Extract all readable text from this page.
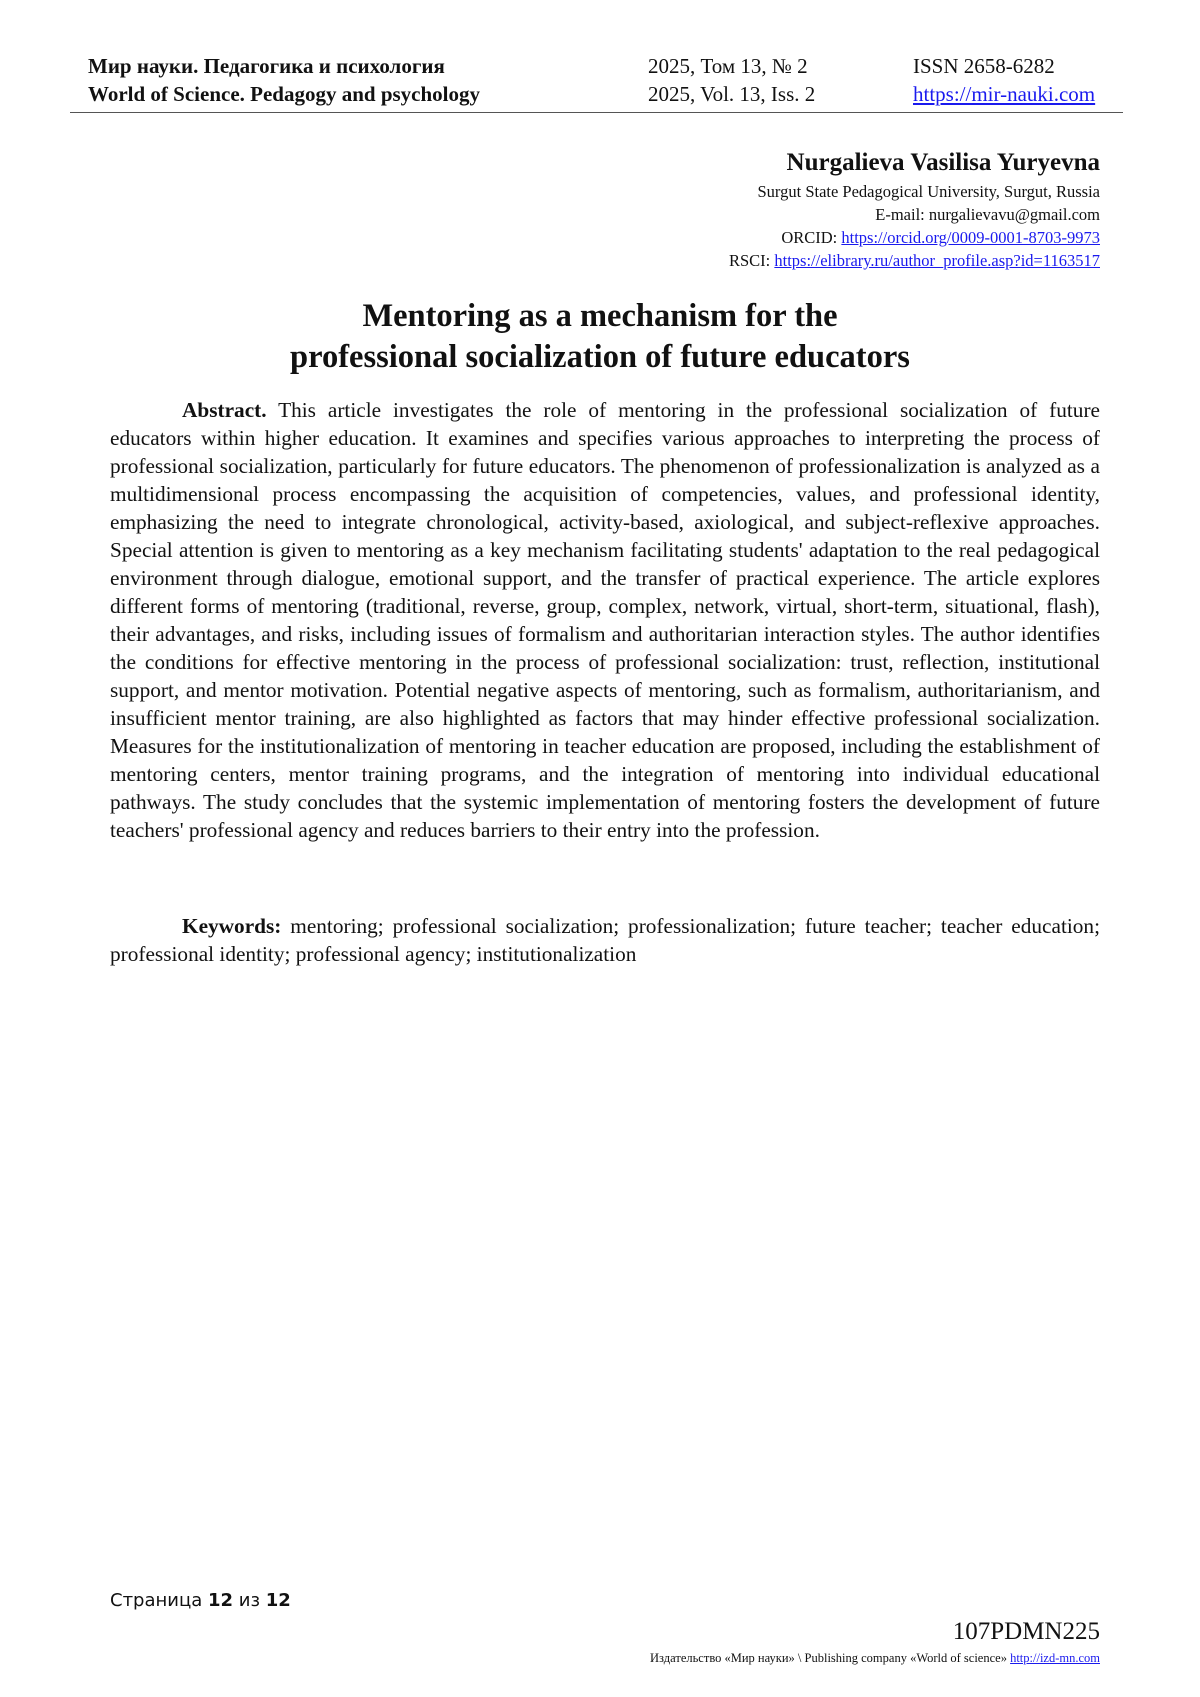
Мир науки. Педагогика и психология	2025, Том 13, № 2	ISSN 2658-6282
World of Science. Pedagogy and psychology	2025, Vol. 13, Iss. 2	https://mir-nauki.com
Nurgalieva Vasilisa Yuryevna
Surgut State Pedagogical University, Surgut, Russia
E-mail: nurgalievavu@gmail.com
ORCID: https://orcid.org/0009-0001-8703-9973
RSCI: https://elibrary.ru/author_profile.asp?id=1163517
Mentoring as a mechanism for the
professional socialization of future educators

Abstract. This article investigates the role of mentoring in the professional socialization of future educators within higher education. It examines and specifies various approaches to interpreting the process of professional socialization, particularly for future educators. The phenomenon of professionalization is analyzed as a multidimensional process encompassing the acquisition of competencies, values, and professional identity, emphasizing the need to integrate chronological, activity-based, axiological, and subject-reflexive approaches. Special attention is given to mentoring as a key mechanism facilitating students' adaptation to the real pedagogical environment through dialogue, emotional support, and the transfer of practical experience. The article explores different forms of mentoring (traditional, reverse, group, complex, network, virtual, short-term, situational, flash), their advantages, and risks, including issues of formalism and authoritarian interaction styles. The author identifies the conditions for effective mentoring in the process of professional socialization: trust, reflection, institutional support, and mentor motivation. Potential negative aspects of mentoring, such as formalism, authoritarianism, and insufficient mentor training, are also highlighted as factors that may hinder effective professional socialization. Measures for the institutionalization of mentoring in teacher education are proposed, including the establishment of mentoring centers, mentor training programs, and the integration of mentoring into individual educational pathways. The study concludes that the systemic implementation of mentoring fosters the development of future teachers' professional agency and reduces barriers to their entry into the profession.

Keywords: mentoring; professional socialization; professionalization; future teacher; teacher education; professional identity; professional agency; institutionalization

Страница 12 из 12
107PDMN225
Издательство «Мир науки» \ Publishing company «World of science» http://izd-mn.com
